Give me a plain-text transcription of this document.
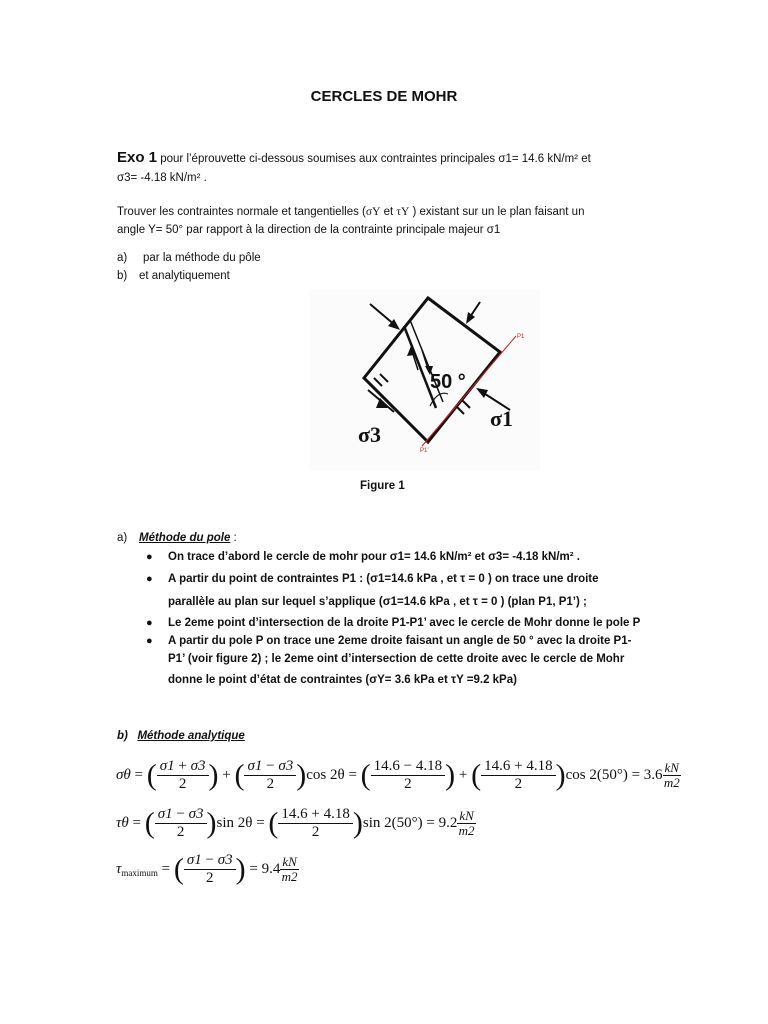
CERCLES DE MOHR
Exo 1 pour l’éprouvette ci-dessous soumises aux contraintes principales σ1= 14.6 kN/m² et
σ3= -4.18 kN/m² .
Trouver les contraintes normale et tangentielles (σY et τY ) existant sur un le plan faisant un
angle Y= 50° par rapport à la direction de la contrainte principale majeur σ1
a) par la méthode du pôle
b) et analytiquement
50 °
σ1
σ3
P1
P1’
Figure 1
a) Méthode du pole :
● On trace d’abord le cercle de mohr pour σ1= 14.6 kN/m² et σ3= -4.18 kN/m² .
● A partir du point de contraintes P1 : (σ1=14.6 kPa , et τ = 0 ) on trace une droite
parallèle au plan sur lequel s’applique (σ1=14.6 kPa , et τ = 0 ) (plan P1, P1’) ;
● Le 2eme point d’intersection de la droite P1-P1’ avec le cercle de Mohr donne le pole P
● A partir du pole P on trace une 2eme droite faisant un angle de 50 ° avec la droite P1-
P1’ (voir figure 2) ; le 2eme oint d’intersection de cette droite avec le cercle de Mohr
donne le point d’état de contraintes (σY= 3.6 kPa et τY =9.2 kPa)
b) Méthode analytique
σθ = ( $\frac{\sigma 1 + \sigma 3}{2}$ ) + ( $\frac{\sigma 1 - \sigma 3}{2} )\cos$ 2θ = ( $\frac{14.6 - 4.18}{2}$ ) + ( $\frac{14.6 + 4.18}{2} )\cos$ $2(50^\circ) = 3.6 \frac{kN}{m2}$
τθ = ( $\frac{\sigma 1 - \sigma 3}{2} )\sin$ 2θ = ( $\frac{14.6 + 4.18}{2} )\sin$ $2(50^\circ) = 9.2 \frac{kN}{m2}$
$\tau_{maximum}$ = ( $\frac{\sigma 1 - \sigma 3}{2}$ ) = $9.4 \frac{kN}{m2}$
